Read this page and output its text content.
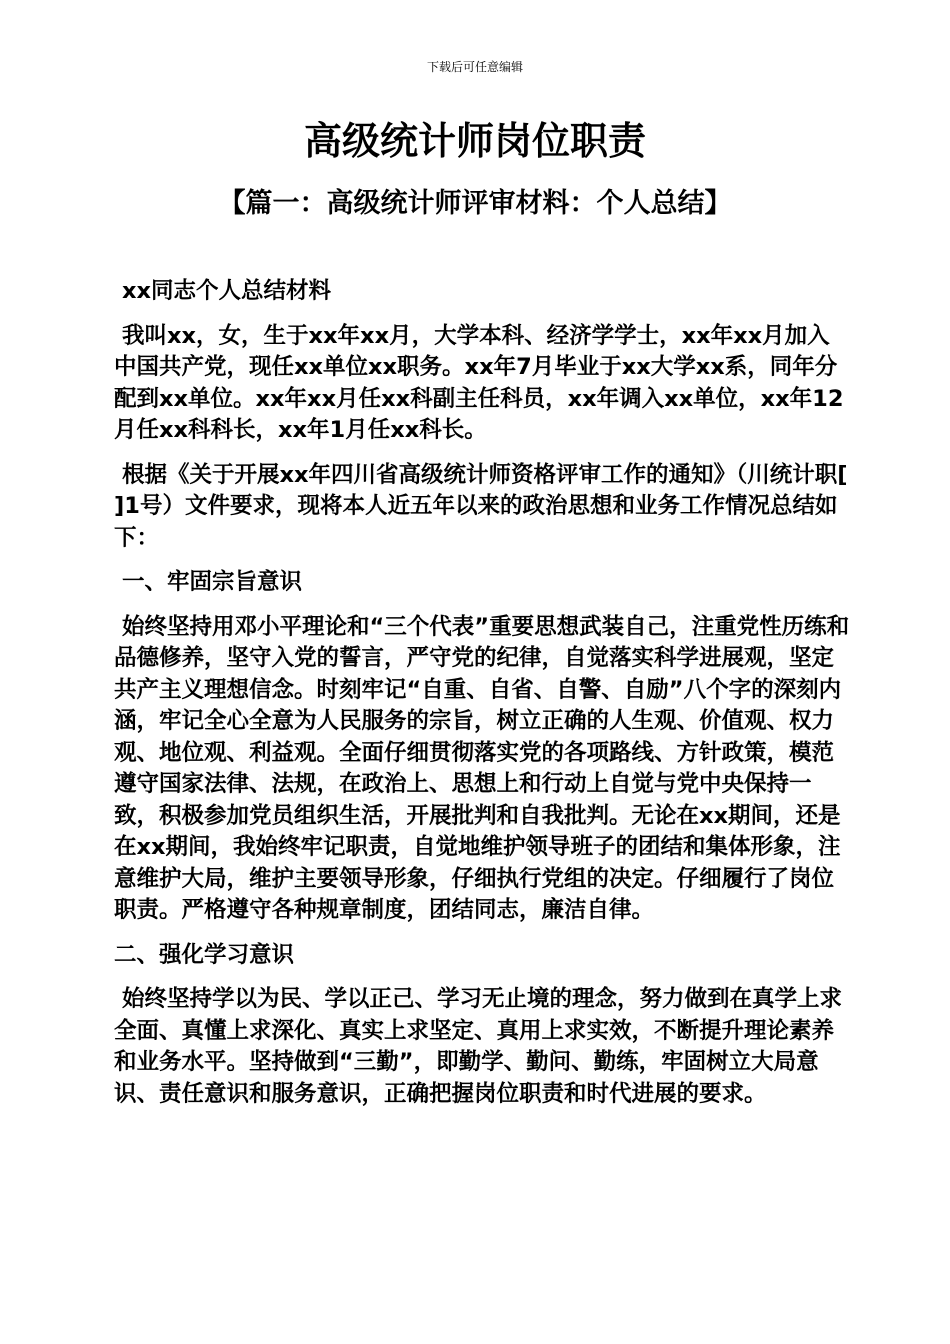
下载后可任意编辑
高级统计师岗位职责
【篇一：高级统计师评审材料：个人总结】

xx同志个人总结材料

我叫xx，女，生于xx年xx月，大学本科、经济学学士，xx年xx月加入中国共产党，现任xx单位xx职务。xx年7月毕业于xx大学xx系，同年分配到xx单位。xx年xx月任xx科副主任科员，xx年调入xx单位，xx年12月任xx科科长，xx年1月任xx科长。

根据《关于开展xx年四川省高级统计师资格评审工作的通知》（川统计职[ ]1号）文件要求，现将本人近五年以来的政治思想和业务工作情况总结如下：

一、牢固宗旨意识

始终坚持用邓小平理论和“三个代表”重要思想武装自己，注重党性历练和品德修养，坚守入党的誓言，严守党的纪律，自觉落实科学进展观，坚定共产主义理想信念。时刻牢记“自重、自省、自警、自励”八个字的深刻内涵，牢记全心全意为人民服务的宗旨，树立正确的人生观、价值观、权力观、地位观、利益观。全面仔细贯彻落实党的各项路线、方针政策，模范遵守国家法律、法规，在政治上、思想上和行动上自觉与党中央保持一致，积极参加党员组织生活，开展批判和自我批判。无论在xx期间，还是在xx期间，我始终牢记职责，自觉地维护领导班子的团结和集体形象，注意维护大局，维护主要领导形象，仔细执行党组的决定。仔细履行了岗位职责。严格遵守各种规章制度，团结同志，廉洁自律。

二、强化学习意识

始终坚持学以为民、学以正己、学习无止境的理念，努力做到在真学上求全面、真懂上求深化、真实上求坚定、真用上求实效，不断提升理论素养和业务水平。坚持做到“三勤”，即勤学、勤问、勤练，牢固树立大局意识、责任意识和服务意识，正确把握岗位职责和时代进展的要求。
